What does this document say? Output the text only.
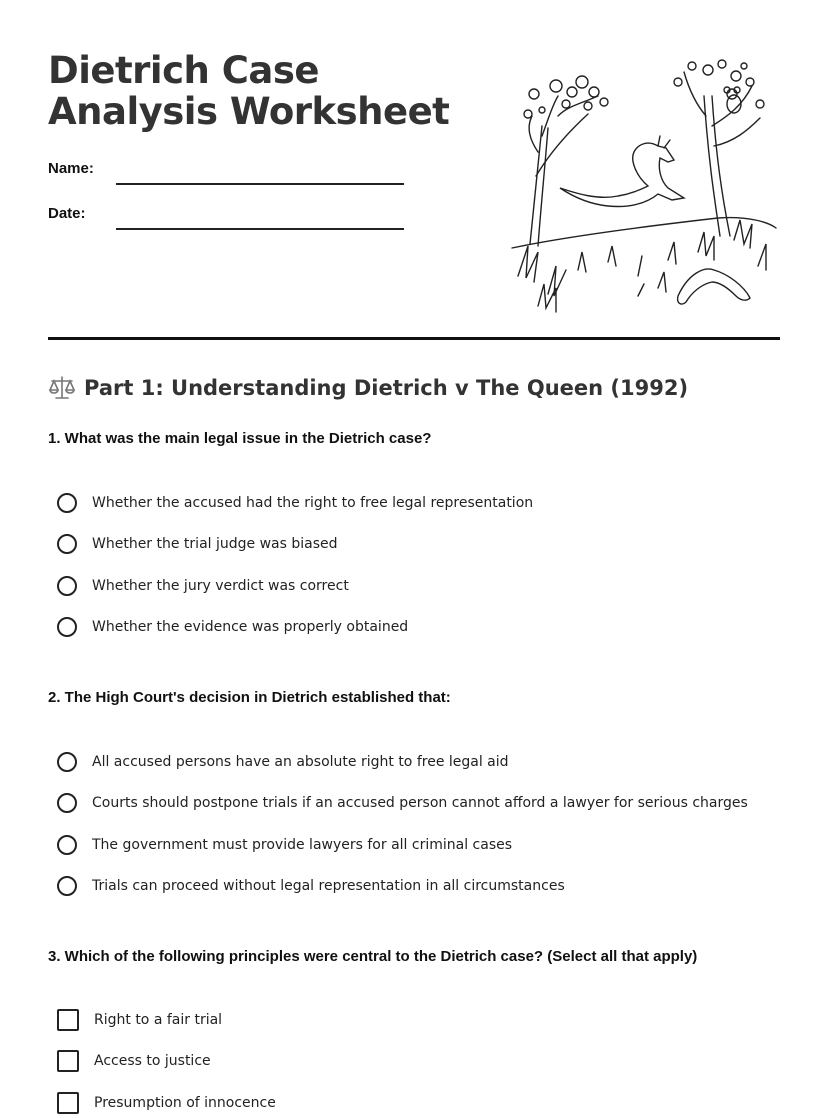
Dietrich Case Analysis Worksheet
Name:
Date:
Part 1: Understanding Dietrich v The Queen (1992)
1. What was the main legal issue in the Dietrich case?
Whether the accused had the right to free legal representation
Whether the trial judge was biased
Whether the jury verdict was correct
Whether the evidence was properly obtained
2. The High Court's decision in Dietrich established that:
All accused persons have an absolute right to free legal aid
Courts should postpone trials if an accused person cannot afford a lawyer for serious charges
The government must provide lawyers for all criminal cases
Trials can proceed without legal representation in all circumstances
3. Which of the following principles were central to the Dietrich case? (Select all that apply)
Right to a fair trial
Access to justice
Presumption of innocence
